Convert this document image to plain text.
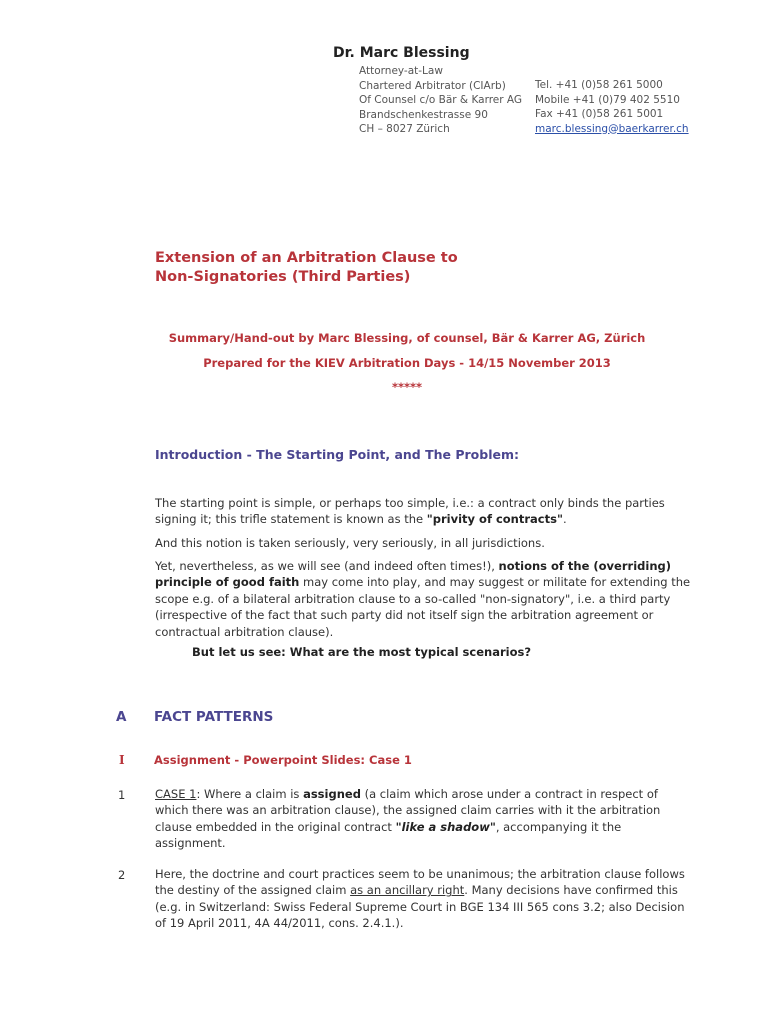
Dr. Marc Blessing
Attorney-at-Law
Chartered Arbitrator (CIArb)
Of Counsel c/o Bär & Karrer AG
Brandschenkestrasse 90
CH – 8027 Zürich
Tel. +41 (0)58 261 5000
Mobile +41 (0)79 402 5510
Fax +41 (0)58 261 5001
marc.blessing@baerkarrer.ch
Extension of an Arbitration Clause to
Non-Signatories (Third Parties)
Summary/Hand-out by Marc Blessing, of counsel, Bär & Karrer AG, Zürich
Prepared for the KIEV Arbitration Days - 14/15 November 2013
*****
Introduction - The Starting Point, and The Problem:
The starting point is simple, or perhaps too simple, i.e.: a contract only binds the parties signing it; this trifle statement is known as the "privity of contracts".
And this notion is taken seriously, very seriously, in all jurisdictions.
Yet, nevertheless, as we will see (and indeed often times!), notions of the (overriding) principle of good faith may come into play, and may suggest or militate for extending the scope e.g. of a bilateral arbitration clause to a so-called "non-signatory", i.e. a third party (irrespective of the fact that such party did not itself sign the arbitration agreement or contractual arbitration clause).
But let us see: What are the most typical scenarios?
A FACT PATTERNS
I	Assignment - Powerpoint Slides: Case 1
1	CASE 1: Where a claim is assigned (a claim which arose under a contract in respect of which there was an arbitration clause), the assigned claim carries with it the arbitration clause embedded in the original contract "like a shadow", accompanying it the assignment.
2	Here, the doctrine and court practices seem to be unanimous; the arbitration clause follows the destiny of the assigned claim as an ancillary right. Many decisions have confirmed this (e.g. in Switzerland: Swiss Federal Supreme Court in BGE 134 III 565 cons 3.2; also Decision of 19 April 2011, 4A 44/2011, cons. 2.4.1.).
